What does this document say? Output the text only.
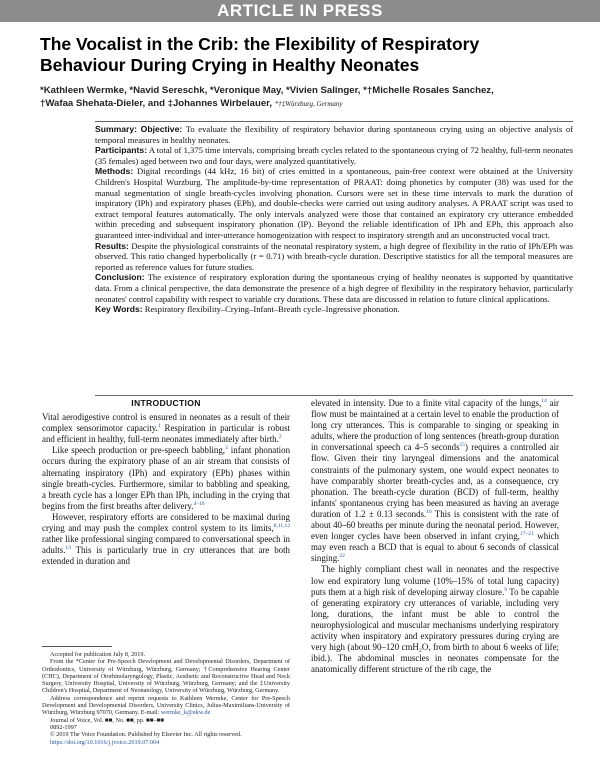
ARTICLE IN PRESS
The Vocalist in the Crib: the Flexibility of Respiratory Behaviour During Crying in Healthy Neonates
*Kathleen Wermke, *Navid Sereschk, *Veronique May, *Vivien Salinger, *†Michelle Rosales Sanchez,
†Wafaa Shehata-Dieler, and ‡Johannes Wirbelauer, *†‡Würzburg, Germany

Summary: Objective: To evaluate the flexibility of respiratory behavior during spontaneous crying using an objective analysis of temporal measures in healthy neonates.

Participants: A total of 1,375 time intervals, comprising breath cycles related to the spontaneous crying of 72 healthy, full-term neonates (35 females) aged between two and four days, were analyzed quantitatively.

Methods: Digital recordings (44 kHz, 16 bit) of cries emitted in a spontaneous, pain-free context were obtained at the University Children's Hospital Wurzburg. The amplitude-by-time representation of PRAAT: doing phonetics by computer (38) was used for the manual segmentation of single breath-cycles involving phonation. Cursors were set in these time intervals to mark the duration of inspiratory (IPh) and expiratory phases (EPh), and double-checks were carried out using auditory analyses. A PRAAT script was used to extract temporal features automatically. The only intervals analyzed were those that contained an expiratory cry utterance embedded within preceding and subsequent inspiratory phonation (IP). Beyond the reliable identification of IPh and EPh, this approach also guaranteed inter-individual and inter-utterance homogenization with respect to inspiratory strength and an unconstructed vocal tract.

Results: Despite the physiological constraints of the neonatal respiratory system, a high degree of flexibility in the ratio of IPh/EPh was observed. This ratio changed hyperbolically (r = 0.71) with breath-cycle duration. Descriptive statistics for all the temporal measures are reported as reference values for future studies.

Conclusion: The existence of respiratory exploration during the spontaneous crying of healthy neonates is supported by quantitative data. From a clinical perspective, the data demonstrate the presence of a high degree of flexibility in the respiratory behavior, particularly neonates' control capability with respect to variable cry durations. These data are discussed in relation to future clinical applications.

Key Words: Respiratory flexibility–Crying–Infant–Breath cycle–Ingressive phonation.

INTRODUCTION

Vital aerodigestive control is ensured in neonates as a result of their complex sensorimotor capacity.$^1$ Respiration in particular is robust and efficient in healthy, full-term neonates immediately after birth.$^2$

Like speech production or pre-speech babbling,$^3$ infant phonation occurs during the expiratory phase of an air stream that consists of alternating inspiratory (IPh) and expiratory (EPh) phases within single breath-cycles. Furthermore, similar to babbling and speaking, a breath cycle has a longer EPh than IPh, including in the crying that begins from the first breaths after delivery.$^{4-10}$

However, respiratory efforts are considered to be maximal during crying and may push the complex control system to its limits,$^{8,11,12}$ rather like professional singing compared to conversational speech in adults.$^{13}$ This is particularly true in cry utterances that are both extended in duration and

elevated in intensity. Due to a finite vital capacity of the lungs,$^{14}$ air flow must be maintained at a certain level to enable the production of long cry utterances. This is comparable to singing or speaking in adults, where the production of long sentences (breath-group duration in conversational speech ca 4–5 seconds$^{15}$) requires a controlled air flow. Given their tiny laryngeal dimensions and the anatomical constraints of the pulmonary system, one would expect neonates to have comparably shorter breath-cycles and, as a consequence, cry phonation. The breath-cycle duration (BCD) of full-term, healthy infants' spontaneous crying has been measured as having an average duration of 1.2 ± 0.13 seconds.$^{16}$ This is consistent with the rate of about 40–60 breaths per minute during the neonatal period. However, even longer cycles have been observed in infant crying,$^{17-21}$ which may even reach a BCD that is equal to about 6 seconds of classical singing.$^{22}$

The highly compliant chest wall in neonates and the respective low end expiratory lung volume (10%–15% of total lung capacity) puts them at a high risk of developing airway closure.$^9$ To be capable of generating expiratory cry utterances of variable, including very long, durations, the infant must be able to control the neurophysiological and muscular mechanisms underlying respiratory activity when inspiratory and expiratory pressures during crying are very high (about 90–120 cmH₂O, from birth to about 6 weeks of life; ibid.). The abdominal muscles in neonates compensate for the anatomically different structure of the rib cage, the

Accepted for publication July 8, 2019.

From the *Center for Pre-Speech Development and Developmental Disorders, Department of Orthodontics, University of Würzburg, Würzburg, Germany; †Comprehensive Hearing Center (CHC), Department of Otorhinolaryngology, Plastic, Aesthetic and Reconstructive Head and Neck Surgery, University Hospital, University of Würzburg, Würzburg, Germany; and the ‡University Children's Hospital, Department of Neonatology, University of Würzburg, Würzburg, Germany.

Address correspondence and reprint requests to Kathleen Wermke, Center for Pre-Speech Development and Developmental Disorders, University Clinics, Julius-Maximilians-University of Würzburg, Würzburg 97070, Germany. E-mail: wermke_k@ukw.de

Journal of Voice, Vol. ■■, No. ■■, pp. ■■–■■

0892-1997

© 2019 The Voice Foundation. Published by Elsevier Inc. All rights reserved.

https://doi.org/10.1016/j.jvoice.2019.07.004
